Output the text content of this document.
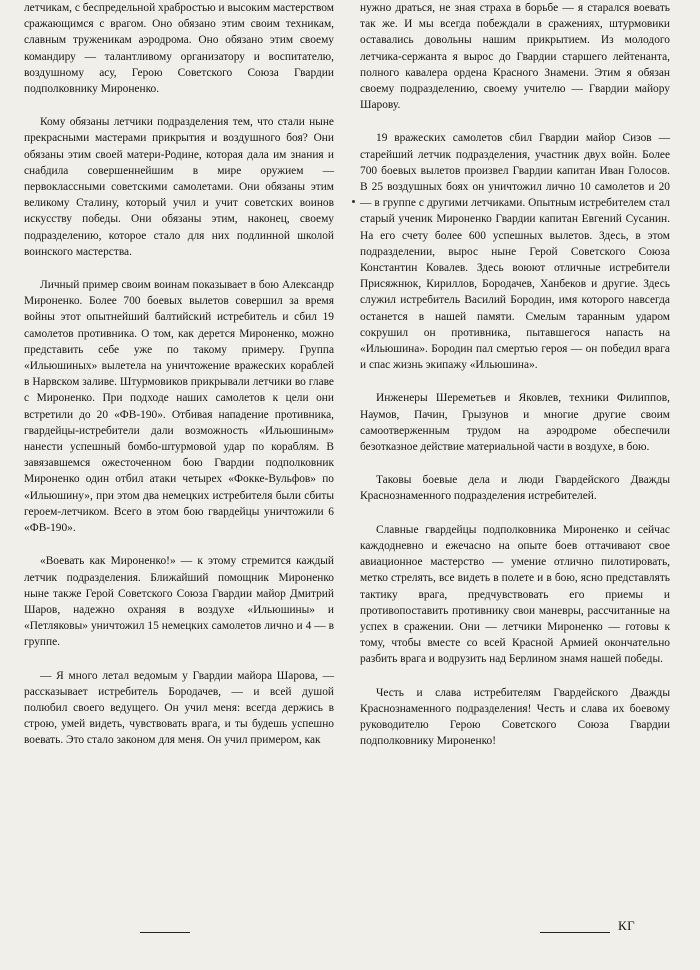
летчикам, с беспредельной храбростью и высоким мастерством сражающимся с врагом. Оно обязано этим своим техникам, славным труженикам аэродрома. Оно обязано этим своему командиру — талантливому организатору и воспитателю, воздушному асу, Герою Советского Союза Гвардии подполковнику Мироненко.

Кому обязаны летчики подразделения тем, что стали ныне прекрасными мастерами прикрытия и воздушного боя? Они обязаны этим своей матери-Родине, которая дала им знания и снабдила совершеннейшим в мире оружием — первоклассными советскими самолетами. Они обязаны этим великому Сталину, который учил и учит советских воинов искусству победы. Они обязаны этим, наконец, своему подразделению, которое стало для них подлинной школой воинского мастерства.

Личный пример своим воинам показывает в бою Александр Мироненко. Более 700 боевых вылетов совершил за время войны этот опытнейший балтийский истребитель и сбил 19 самолетов противника. О том, как дерется Мироненко, можно представить себе уже по такому примеру. Группа «Ильюшиных» вылетела на уничтожение вражеских кораблей в Нарвском заливе. Штурмовиков прикрывали летчики во главе с Мироненко. При подходе наших самолетов к цели они встретили до 20 «ФВ-190». Отбивая нападение противника, гвардейцы-истребители дали возможность «Ильюшиным» нанести успешный бомбо-штурмовой удар по кораблям. В завязавшемся ожесточенном бою Гвардии подполковник Мироненко один отбил атаки четырех «Фокке-Вульфов» по «Ильюшину», при этом два немецких истребителя были сбиты героем-летчиком. Всего в этом бою гвардейцы уничтожили 6 «ФВ-190».

«Воевать как Мироненко!» — к этому стремится каждый летчик подразделения. Ближайший помощник Мироненко ныне также Герой Советского Союза Гвардии майор Дмитрий Шаров, надежно охраняя в воздухе «Ильюшины» и «Петляковы» уничтожил 15 немецких самолетов лично и 4 — в группе.

— Я много летал ведомым у Гвардии майора Шарова, — рассказывает истребитель Бородачев, — и всей душой полюбил своего ведущего. Он учил меня: всегда держись в строю, умей видеть, чувствовать врага, и ты будешь успешно воевать. Это стало законом для меня. Он учил примером, как

нужно драться, не зная страха в борьбе — я старался воевать так же. И мы всегда побеждали в сражениях, штурмовики оставались довольны нашим прикрытием. Из молодого летчика-сержанта я вырос до Гвардии старшего лейтенанта, полного кавалера ордена Красного Знамени. Этим я обязан своему подразделению, своему учителю — Гвардии майору Шарову.

19 вражеских самолетов сбил Гвардии майор Сизов — старейший летчик подразделения, участник двух войн. Более 700 боевых вылетов произвел Гвардии капитан Иван Голосов. В 25 воздушных боях он уничтожил лично 10 самолетов и 20 — в группе с другими летчиками. Опытным истребителем стал старый ученик Мироненко Гвардии капитан Евгений Сусанин. На его счету более 600 успешных вылетов. Здесь, в этом подразделении, вырос ныне Герой Советского Союза Константин Ковалев. Здесь воюют отличные истребители Присяжнюк, Кириллов, Бородачев, Ханбеков и другие. Здесь служил истребитель Василий Бородин, имя которого навсегда останется в нашей памяти. Смелым таранным ударом сокрушил он противника, пытавшегося напасть на «Ильюшина». Бородин пал смертью героя — он победил врага и спас жизнь экипажу «Ильюшина».

Инженеры Шереметьев и Яковлев, техники Филиппов, Наумов, Пачин, Грызунов и многие другие своим самоотверженным трудом на аэродроме обеспечили безотказное действие материальной части в воздухе, в бою.

Таковы боевые дела и люди Гвардейского Дважды Краснознаменного подразделения истребителей.

Славные гвардейцы подполковника Мироненко и сейчас каждодневно и ежечасно на опыте боев оттачивают свое авиационное мастерство — умение отлично пилотировать, метко стрелять, все видеть в полете и в бою, ясно представлять тактику врага, предчувствовать его приемы и противопоставить противнику свои маневры, рассчитанные на успех в сражении. Они — летчики Мироненко — готовы к тому, чтобы вместе со всей Красной Армией окончательно разбить врага и водрузить над Берлином знамя нашей победы.

Честь и слава истребителям Гвардейского Дважды Краснознаменного подразделения! Честь и слава их боевому руководителю Герою Советского Союза Гвардии подполковнику Мироненко!

КГ
